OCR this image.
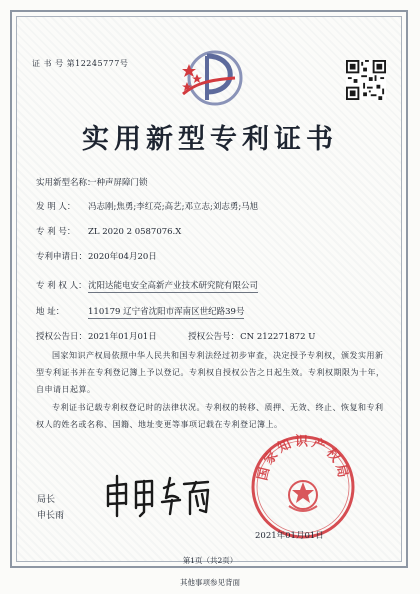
证 书 号 第12245777号
实用新型专利证书
实用新型名称：一种声屏障门锁
发 明 人： 冯志刚;焦勇;李红亮;高艺;邓立志;刘志勇;马旭
专 利 号： ZL 2020 2 0587076.X
专利申请日：2020年04月20日
专 利 权 人：沈阳达能电安全高新产业技术研究院有限公司
地 址：	110179 辽宁省沈阳市浑南区世纪路39号
授权公告日：2021年01月01日	授权公告号：CN 212271872 U
国家知识产权局依照中华人民共和国专利法经过初步审查，决定授予专利权，颁发实用新型专利证书并在专利登记簿上予以登记。专利权自授权公告之日起生效。专利权期限为十年，自申请日起算。
专利证书记载专利权登记时的法律状况。专利权的转移、质押、无效、终止、恢复和专利权人的姓名或名称、国籍、地址变更等事项记载在专利登记簿上。
局长
申长雨
国家知识产权局
2021年01月01日
第1页（共2页）
其他事项参见背面
